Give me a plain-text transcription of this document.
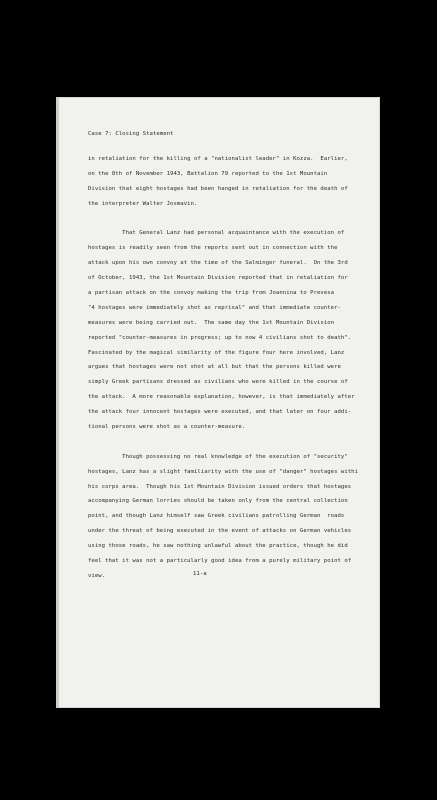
Case 7: Closing Statement
in retaliation for the killing of a "nationalist leader" in Kozza.  Earlier,
on the 8th of November 1943, Battalion 79 reported to the 1st Mountain
Division that eight hostages had been hanged in retaliation for the death of
the interpreter Walter Josmavin.
That General Lanz had personal acquaintance with the execution of
hostages is readily seen from the reports sent out in connection with the
attack upon his own convoy at the time of the Salminger funeral.  On the 3rd
of October, 1943, the 1st Mountain Division reported that in retaliation for
a partisan attack on the convoy making the trip from Joannina to Prevesa
"4 hostages were immediately shot as reprisal" and that immediate counter-
measures were being carried out.  The same day the 1st Mountain Division
reported "counter-measures in progress; up to now 4 civilians shot to death".
Fascinated by the magical similarity of the figure four here involved, Lanz
argues that hostages were not shot at all but that the persons killed were
simply Greek partisans dressed as civilians who were killed in the course of
the attack.  A more reasonable explanation, however, is that immediately after
the attack four innocent hostages were executed, and that later on four addi-
tional persons were shot as a counter-measure.
Though possessing no real knowledge of the execution of "security"
hostages, Lanz has a slight familiarity with the use of "danger" hostages withi
his corps area.  Though his 1st Mountain Division issued orders that hostages
accompanying German lorries should be taken only from the central collection
point, and though Lanz himself saw Greek civilians patrolling German  roads
under the threat of being executed in the event of attacks on German vehicles
using those roads, he saw nothing unlawful about the practice, though he did
feel that it was not a particularly good idea from a purely military point of
view.	11-a
